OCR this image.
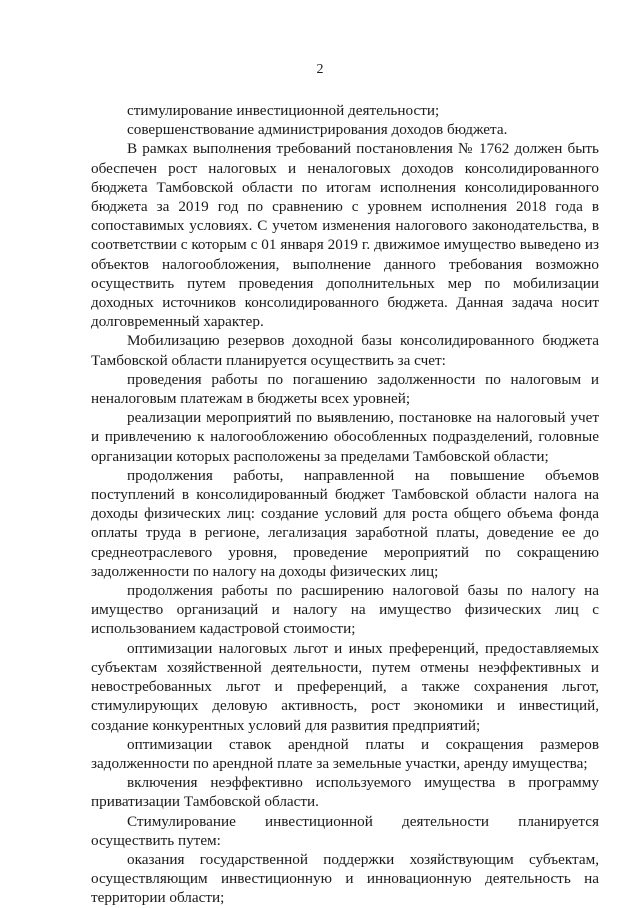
2

стимулирование инвестиционной деятельности;

совершенствование администрирования доходов бюджета.

В рамках выполнения требований постановления № 1762 должен быть обеспечен рост налоговых и неналоговых доходов консолидированного бюджета Тамбовской области по итогам исполнения консолидированного бюджета за 2019 год по сравнению с уровнем исполнения 2018 года в сопоставимых условиях. С учетом изменения налогового законодательства, в соответствии с которым с 01 января 2019 г. движимое имущество выведено из объектов налогообложения, выполнение данного требования возможно осуществить путем проведения дополнительных мер по мобилизации доходных источников консолидированного бюджета. Данная задача носит долговременный характер.

Мобилизацию резервов доходной базы консолидированного бюджета Тамбовской области планируется осуществить за счет:

проведения работы по погашению задолженности по налоговым и неналоговым платежам в бюджеты всех уровней;

реализации мероприятий по выявлению, постановке на налоговый учет и привлечению к налогообложению обособленных подразделений, головные организации которых расположены за пределами Тамбовской области;

продолжения работы, направленной на повышение объемов поступлений в консолидированный бюджет Тамбовской области налога на доходы физических лиц: создание условий для роста общего объема фонда оплаты труда в регионе, легализация заработной платы, доведение ее до среднеотраслевого уровня, проведение мероприятий по сокращению задолженности по налогу на доходы физических лиц;

продолжения работы по расширению налоговой базы по налогу на имущество организаций и налогу на имущество физических лиц с использованием кадастровой стоимости;

оптимизации налоговых льгот и иных преференций, предоставляемых субъектам хозяйственной деятельности, путем отмены неэффективных и невостребованных льгот и преференций, а также сохранения льгот, стимулирующих деловую активность, рост экономики и инвестиций, создание конкурентных условий для развития предприятий;

оптимизации ставок арендной платы и сокращения размеров задолженности по арендной плате за земельные участки, аренду имущества;

включения неэффективно используемого имущества в программу приватизации Тамбовской области.

Стимулирование инвестиционной деятельности планируется осуществить путем:

оказания государственной поддержки хозяйствующим субъектам, осуществляющим инвестиционную и инновационную деятельность на территории области;
